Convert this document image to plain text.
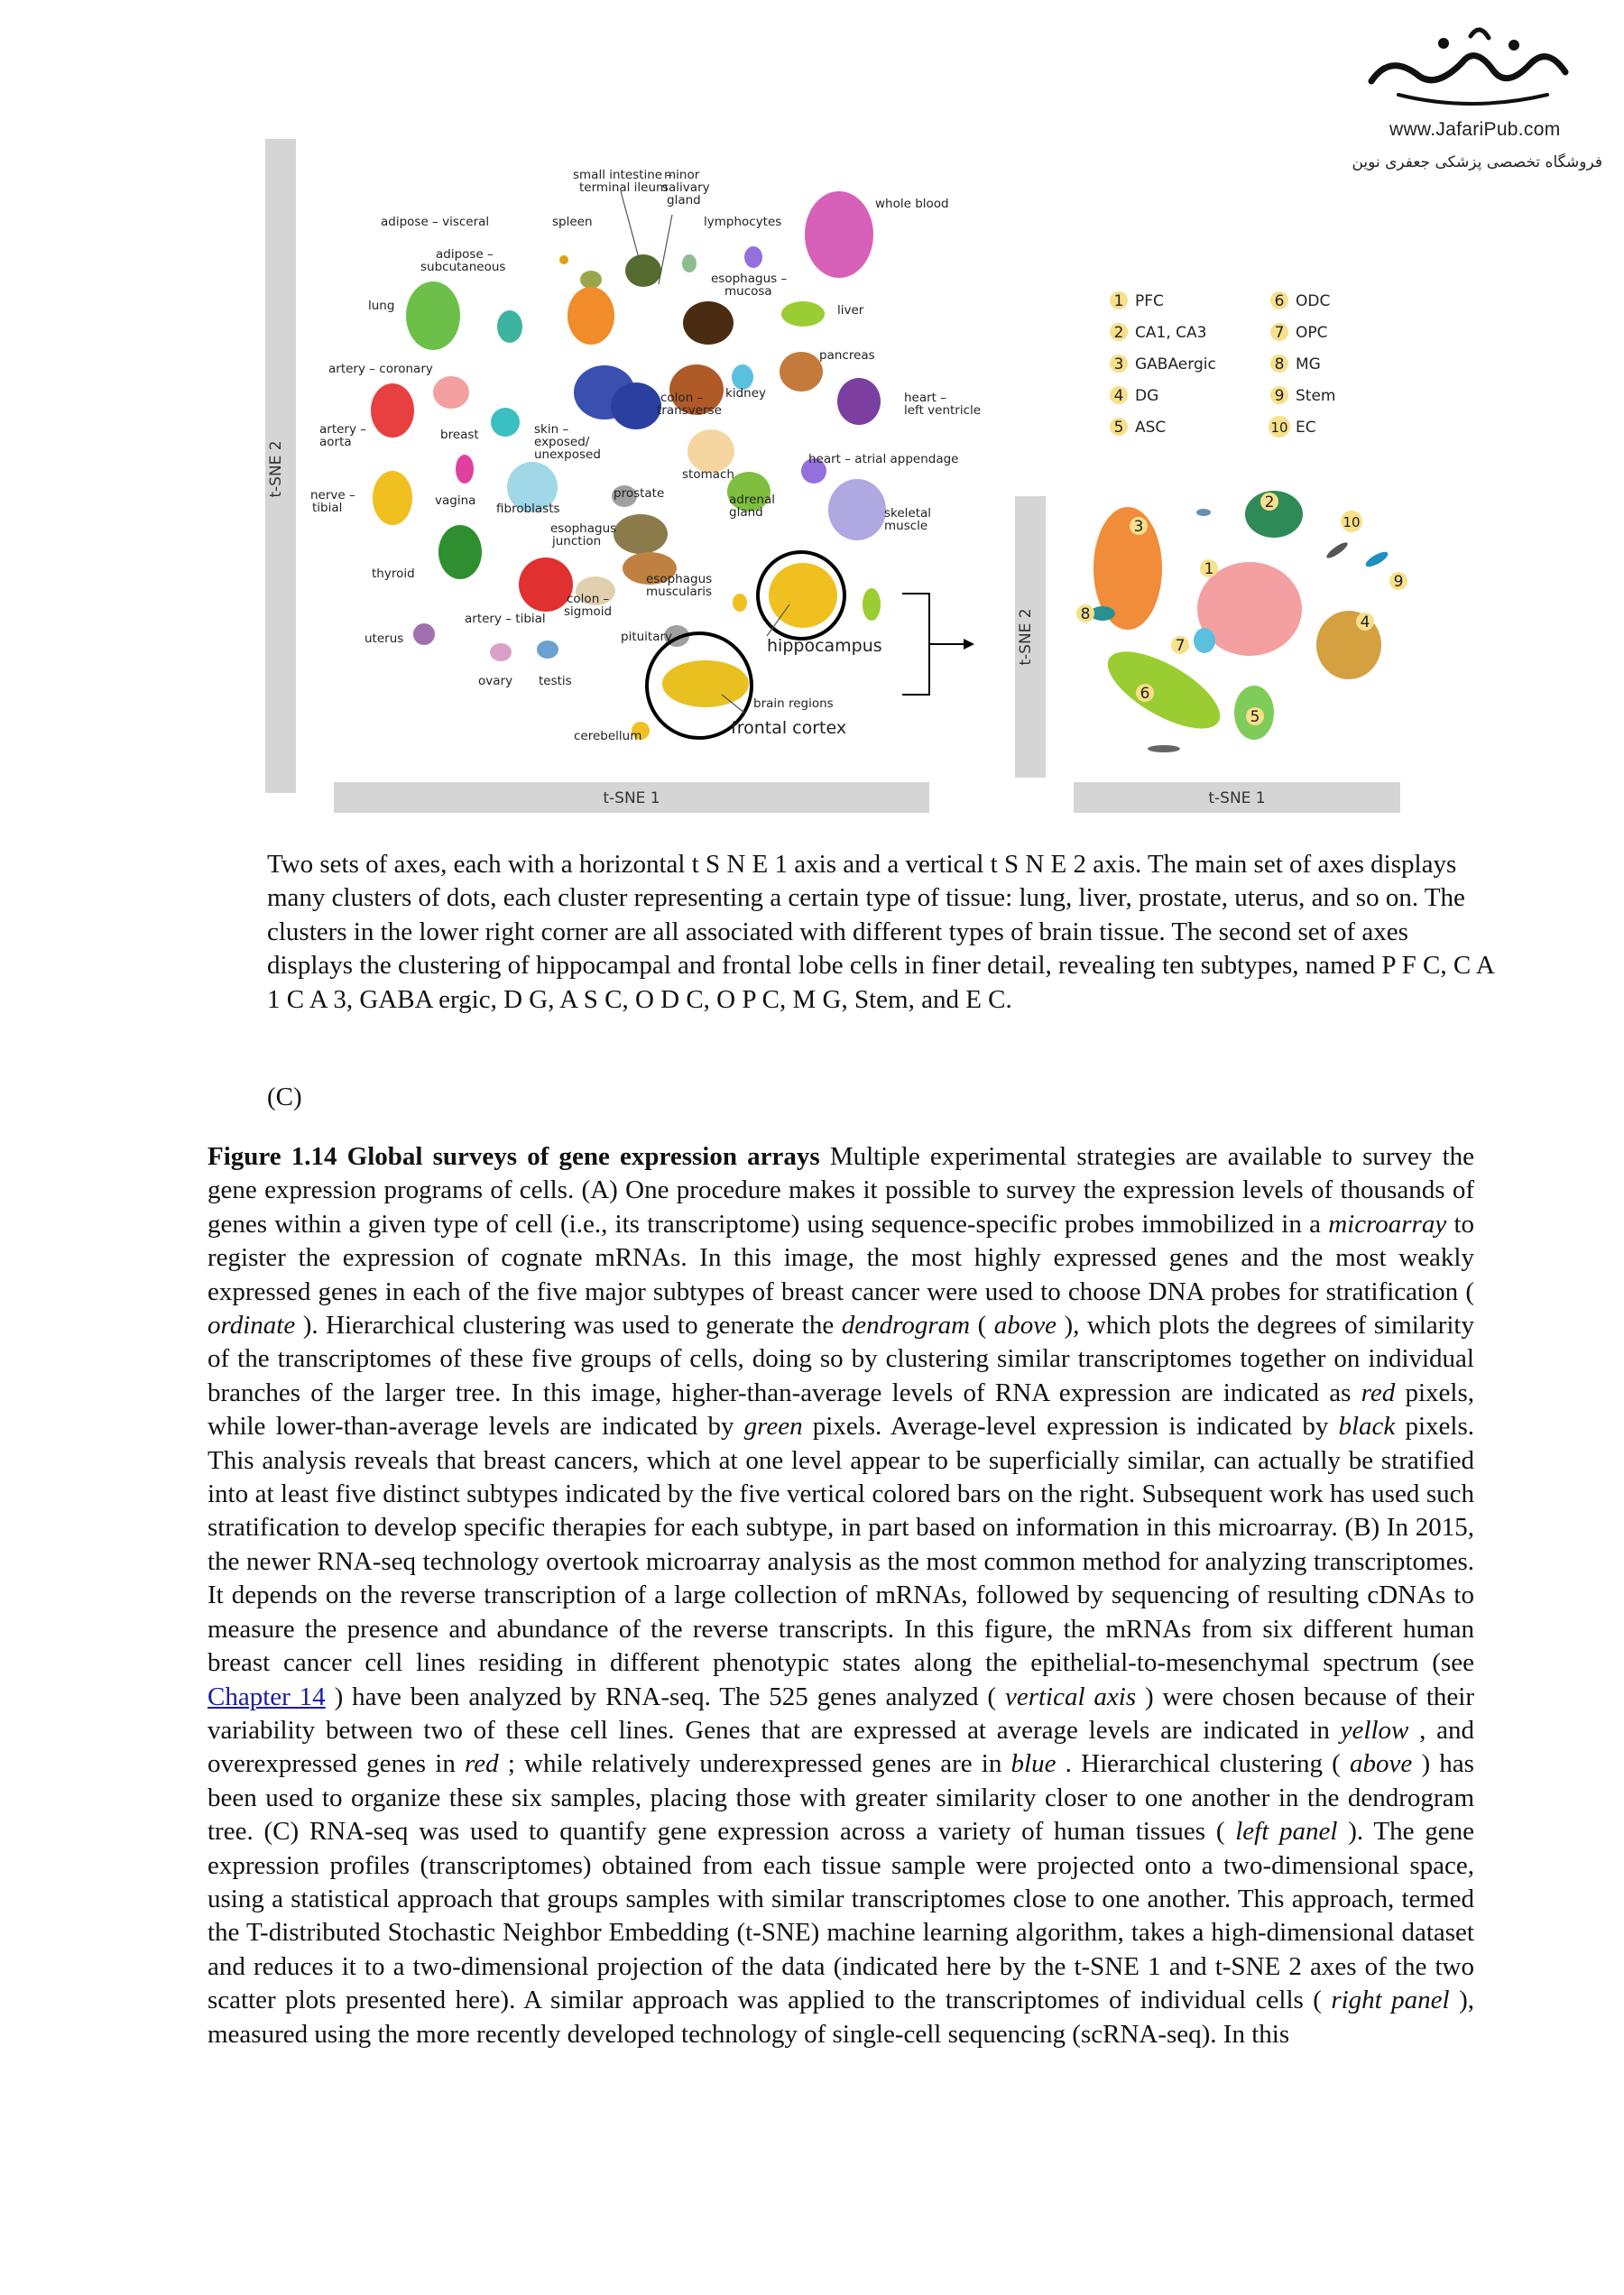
www.JafariPub.com
فروشگاه تخصصی پزشکی جعفری نوین
t-SNE 2
t-SNE 1
t-SNE 2
t-SNE 1
small intestine –
terminal ileum
minor
salivary
gland	whole blood
adipose – visceral	spleen	lymphocytes
adipose –
subcutaneous
esophagus –
mucosa
lung	liver
pancreas
artery – coronary
colon –
transverse
kidney	heart –
left ventricle
artery –
aorta	breast	skin –
exposed/
unexposed	heart – atrial appendage
stomach
nerve –
tibial	vagina
fibroblasts
prostate	adrenal
gland	skeletal
muscle
esophagus
junction
thyroid	esophagus
muscularis
colon –
sigmoid
artery – tibial
uterus	pituitary
ovary testis
brain regions
cerebellum
hippocampus
frontal cortex
1 PFC
2 CA1, CA3
3 GABAergic
4 DG
5 ASC
6 ODC
7 OPC
8 MG
9 Stem
10 EC
1
2
3
4
5
6
7
8
9
10
Two sets of axes, each with a horizontal t S N E 1 axis and a vertical t S N E 2 axis. The main set of axes displays many clusters of dots, each cluster representing a certain type of tissue: lung, liver, prostate, uterus, and so on. The clusters in the lower right corner are all associated with different types of brain tissue. The second set of axes displays the clustering of hippocampal and frontal lobe cells in finer detail, revealing ten subtypes, named P F C, C A 1 C A 3, GABA ergic, D G, A S C, O D C, O P C, M G, Stem, and E C.
(C)

Figure 1.14 Global surveys of gene expression arrays Multiple experimental strategies are available to survey the gene expression programs of cells. (A) One procedure makes it possible to survey the expression levels of thousands of genes within a given type of cell (i.e., its transcriptome) using sequence-specific probes immobilized in a microarray to register the expression of cognate mRNAs. In this image, the most highly expressed genes and the most weakly expressed genes in each of the five major subtypes of breast cancer were used to choose DNA probes for stratification ( ordinate ). Hierarchical clustering was used to generate the dendrogram ( above ), which plots the degrees of similarity of the transcriptomes of these five groups of cells, doing so by clustering similar transcriptomes together on individual branches of the larger tree. In this image, higher-than-average levels of RNA expression are indicated as red pixels, while lower-than-average levels are indicated by green pixels. Average-level expression is indicated by black pixels. This analysis reveals that breast cancers, which at one level appear to be superficially similar, can actually be stratified into at least five distinct subtypes indicated by the five vertical colored bars on the right. Subsequent work has used such stratification to develop specific therapies for each subtype, in part based on information in this microarray. (B) In 2015, the newer RNA-seq technology overtook microarray analysis as the most common method for analyzing transcriptomes. It depends on the reverse transcription of a large collection of mRNAs, followed by sequencing of resulting cDNAs to measure the presence and abundance of the reverse transcripts. In this figure, the mRNAs from six different human breast cancer cell lines residing in different phenotypic states along the epithelial-to-mesenchymal spectrum (see Chapter 14 ) have been analyzed by RNA-seq. The 525 genes analyzed ( vertical axis ) were chosen because of their variability between two of these cell lines. Genes that are expressed at average levels are indicated in yellow , and overexpressed genes in red ; while relatively underexpressed genes are in blue . Hierarchical clustering ( above ) has been used to organize these six samples, placing those with greater similarity closer to one another in the dendrogram tree. (C) RNA-seq was used to quantify gene expression across a variety of human tissues ( left panel ). The gene expression profiles (transcriptomes) obtained from each tissue sample were projected onto a two-dimensional space, using a statistical approach that groups samples with similar transcriptomes close to one another. This approach, termed the T-distributed Stochastic Neighbor Embedding (t-SNE) machine learning algorithm, takes a high-dimensional dataset and reduces it to a two-dimensional projection of the data (indicated here by the t-SNE 1 and t-SNE 2 axes of the two scatter plots presented here). A similar approach was applied to the transcriptomes of individual cells ( right panel ), measured using the more recently developed technology of single-cell sequencing (scRNA-seq). In this
